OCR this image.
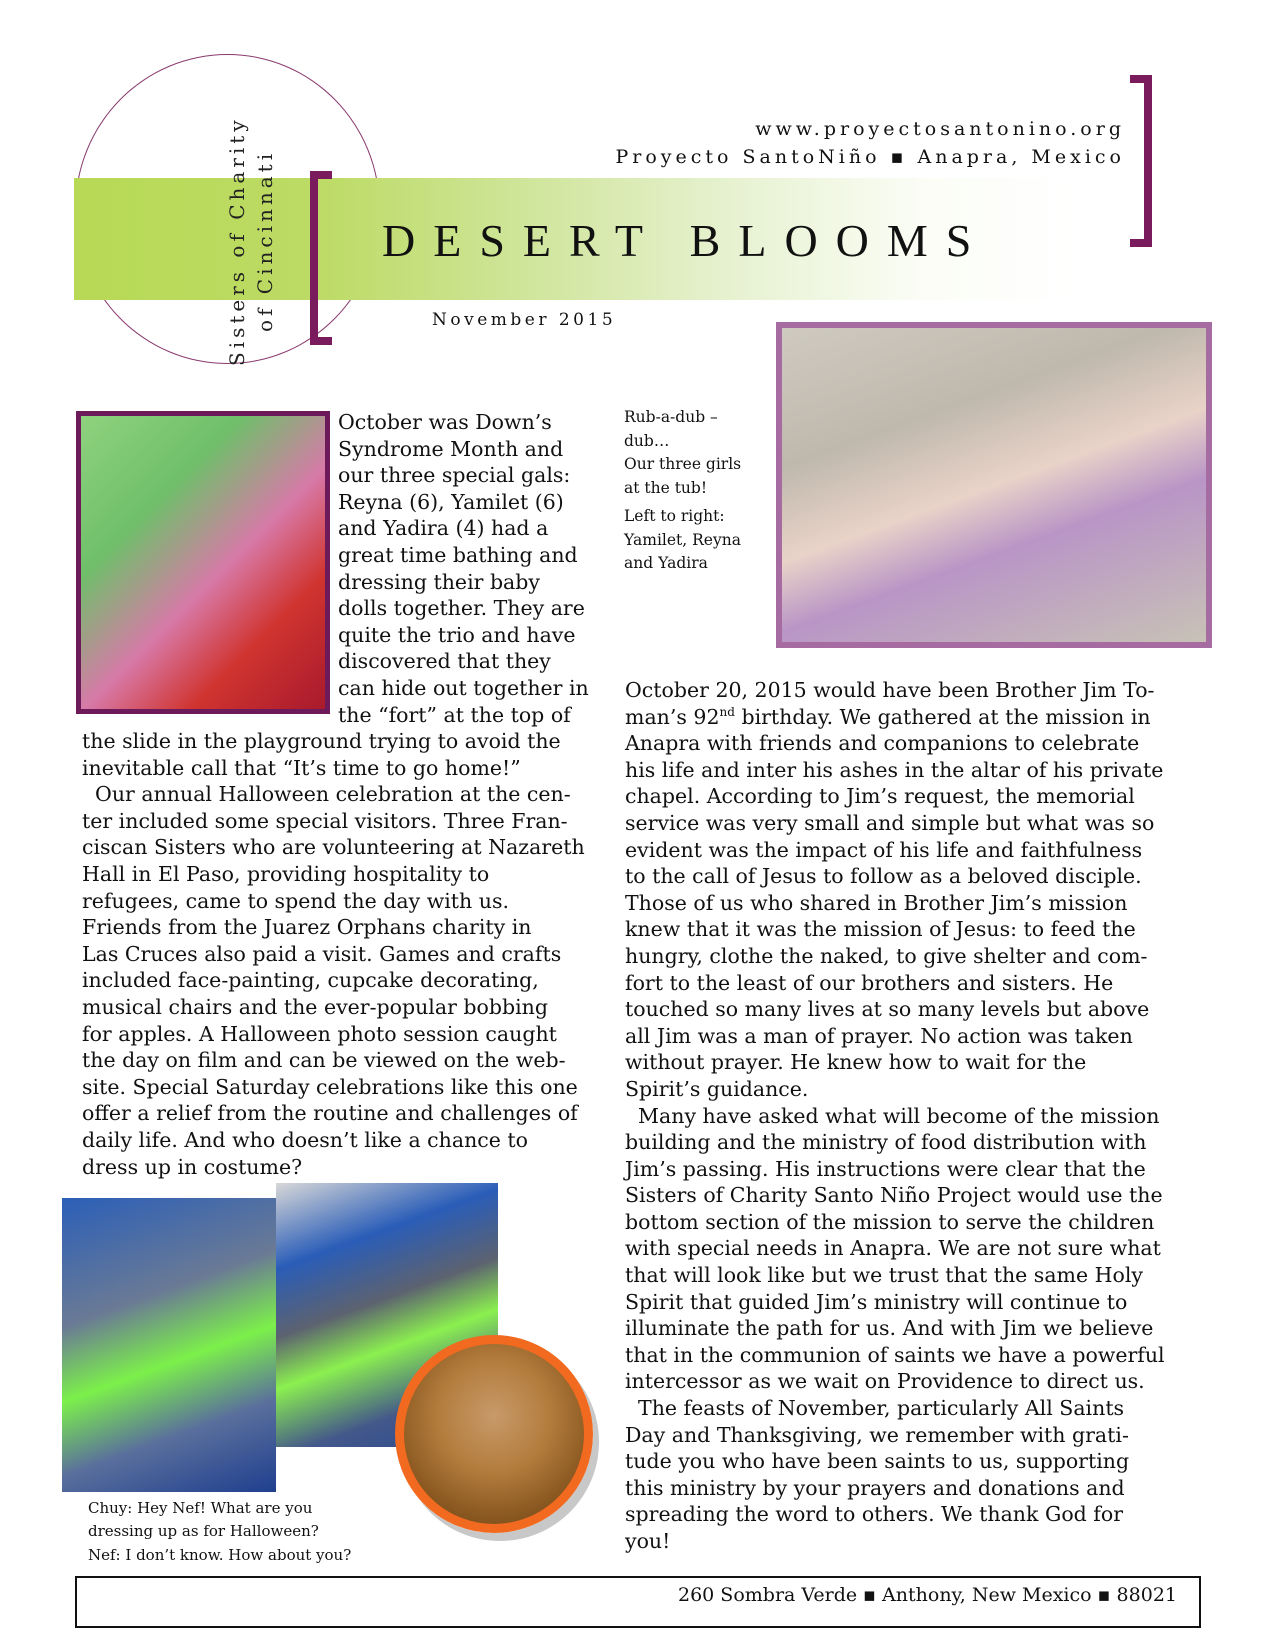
Sisters of Charity of Cincinnati
www.proyectosantonino.org
Proyecto SantoNiño ▪ Anapra, Mexico
DESERT BLOOMS
November 2015
October was Down’s
Syndrome Month and
our three special gals:
Reyna (6), Yamilet (6)
and Yadira (4) had a
great time bathing and
dressing their baby
dolls together. They are
quite the trio and have
discovered that they
can hide out together in
the “fort” at the top of
the slide in the playground trying to avoid the
inevitable call that “It’s time to go home!”
Our annual Halloween celebration at the cen-
ter included some special visitors. Three Fran-
ciscan Sisters who are volunteering at Nazareth
Hall in El Paso, providing hospitality to
refugees, came to spend the day with us.
Friends from the Juarez Orphans charity in
Las Cruces also paid a visit. Games and crafts
included face-painting, cupcake decorating,
musical chairs and the ever-popular bobbing
for apples. A Halloween photo session caught
the day on film and can be viewed on the web-
site. Special Saturday celebrations like this one
offer a relief from the routine and challenges of
daily life. And who doesn’t like a chance to
dress up in costume?
Rub-a-dub –
dub…
Our three girls
at the tub!
Left to right:
Yamilet, Reyna
and Yadira
Chuy: Hey Nef! What are you
dressing up as for Halloween?
Nef: I don’t know. How about you?
October 20, 2015 would have been Brother Jim To-
man’s 92nd birthday. We gathered at the mission in
Anapra with friends and companions to celebrate
his life and inter his ashes in the altar of his private
chapel. According to Jim’s request, the memorial
service was very small and simple but what was so
evident was the impact of his life and faithfulness
to the call of Jesus to follow as a beloved disciple.
Those of us who shared in Brother Jim’s mission
knew that it was the mission of Jesus: to feed the
hungry, clothe the naked, to give shelter and com-
fort to the least of our brothers and sisters. He
touched so many lives at so many levels but above
all Jim was a man of prayer. No action was taken
without prayer. He knew how to wait for the
Spirit’s guidance.
Many have asked what will become of the mission
building and the ministry of food distribution with
Jim’s passing. His instructions were clear that the
Sisters of Charity Santo Niño Project would use the
bottom section of the mission to serve the children
with special needs in Anapra. We are not sure what
that will look like but we trust that the same Holy
Spirit that guided Jim’s ministry will continue to
illuminate the path for us. And with Jim we believe
that in the communion of saints we have a powerful
intercessor as we wait on Providence to direct us.
The feasts of November, particularly All Saints
Day and Thanksgiving, we remember with grati-
tude you who have been saints to us, supporting
this ministry by your prayers and donations and
spreading the word to others. We thank God for
you!
260 Sombra Verde ▪ Anthony, New Mexico ▪ 88021
